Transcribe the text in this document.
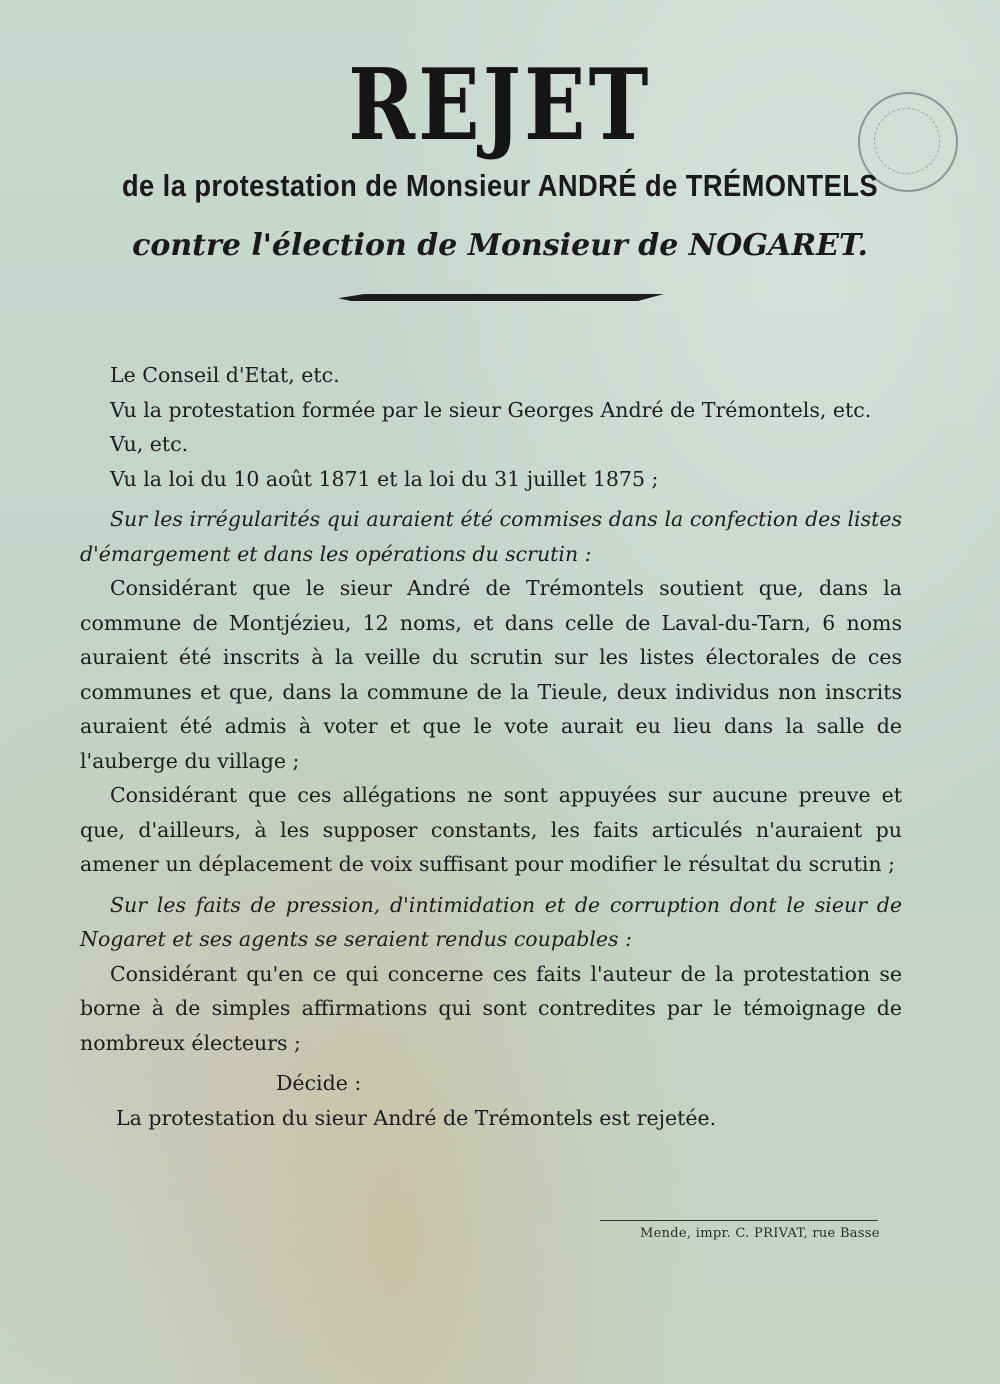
REJET
de la protestation de Monsieur ANDRÉ de TRÉMONTELS
contre l'élection de Monsieur de NOGARET.

Le Conseil d'Etat, etc.

Vu la protestation formée par le sieur Georges André de Trémontels, etc.

Vu, etc.

Vu la loi du 10 août 1871 et la loi du 31 juillet 1875 ;

Sur les irrégularités qui auraient été commises dans la confection des listes d'émargement et dans les opérations du scrutin :

Considérant que le sieur André de Trémontels soutient que, dans la commune de Montjézieu, 12 noms, et dans celle de Laval-du-Tarn, 6 noms auraient été inscrits à la veille du scrutin sur les listes électorales de ces communes et que, dans la commune de la Tieule, deux individus non inscrits auraient été admis à voter et que le vote aurait eu lieu dans la salle de l'auberge du village ;

Considérant que ces allégations ne sont appuyées sur aucune preuve et que, d'ailleurs, à les supposer constants, les faits articulés n'auraient pu amener un déplacement de voix suffisant pour modifier le résultat du scrutin ;

Sur les faits de pression, d'intimidation et de corruption dont le sieur de Nogaret et ses agents se seraient rendus coupables :

Considérant qu'en ce qui concerne ces faits l'auteur de la protestation se borne à de simples affirmations qui sont contredites par le témoignage de nombreux électeurs ;

Décide :

La protestation du sieur André de Trémontels est rejetée.

Mende, impr. C. PRIVAT, rue Basse
